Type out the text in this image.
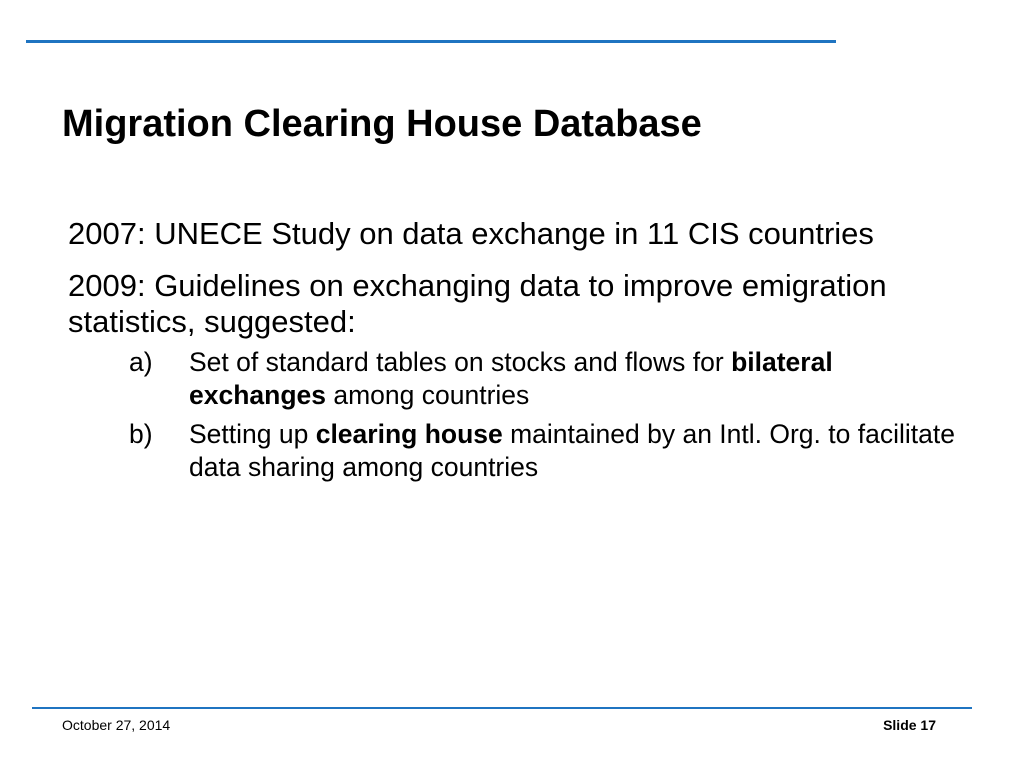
Migration Clearing House Database

2007: UNECE Study on data exchange in 11 CIS countries

2009: Guidelines on exchanging data to improve emigration statistics, suggested:

a) Set of standard tables on stocks and flows for bilateral exchanges among countries
b) Setting up clearing house maintained by an Intl. Org. to facilitate data sharing among countries
October 27, 2014	Slide 17
